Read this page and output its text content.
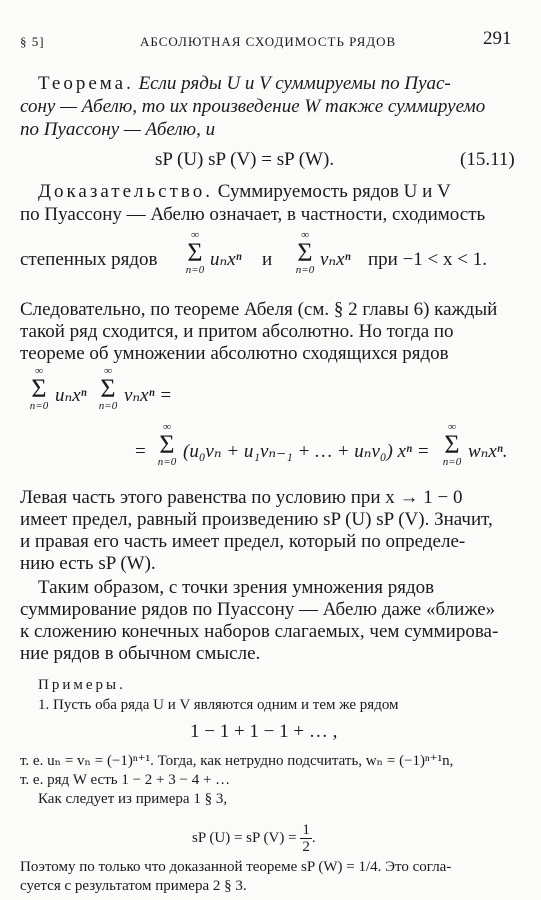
§ 5]	АБСОЛЮТНАЯ СХОДИМОСТЬ РЯДОВ	291
Теорема. Если ряды U и V суммируемы по Пуас-
сону — Абелю, то их произведение W также суммируемо
по Пуассону — Абелю, и
sP (U) sP (V) = sP (W).	(15.11)
Доказательство. Суммируемость рядов U и V
по Пуассону — Абелю означает, в частности, сходимость
степенных рядов
∞
Σ
n=0 uₙxⁿ и
∞
Σ
n=0 vₙxⁿ при −1 < x < 1.
Следовательно, по теореме Абеля (см. § 2 главы 6) каждый
такой ряд сходится, и притом абсолютно. Но тогда по
теореме об умножении абсолютно сходящихся рядов
∞
Σ
n=0 uₙxⁿ
∞
Σ
n=0 vₙxⁿ =
=
∞
Σ
n=0 (u₀vₙ + u₁vₙ₋₁ + … + uₙv₀) xⁿ =
∞
Σ
n=0 wₙxⁿ.
Левая часть этого равенства по условию при x → 1 − 0
имеет предел, равный произведению sP (U) sP (V). Значит,
и правая его часть имеет предел, который по определе-
нию есть sP (W).
Таким образом, с точки зрения умножения рядов
суммирование рядов по Пуассону — Абелю даже «ближе»
к сложению конечных наборов слагаемых, чем суммирова-
ние рядов в обычном смысле.
Примеры.
1. Пусть оба ряда U и V являются одним и тем же рядом
1 − 1 + 1 − 1 + … ,
т. е. uₙ = vₙ = (−1)ⁿ⁺¹. Тогда, как нетрудно подсчитать, wₙ = (−1)ⁿ⁺¹n,
т. е. ряд W есть 1 − 2 + 3 − 4 + …
Как следует из примера 1 § 3,
sP (U) = sP $(V) = \frac{1}{2}$ .
Поэтому по только что доказанной теореме sP (W) = 1/4. Это согла-
суется с результатом примера 2 § 3.
